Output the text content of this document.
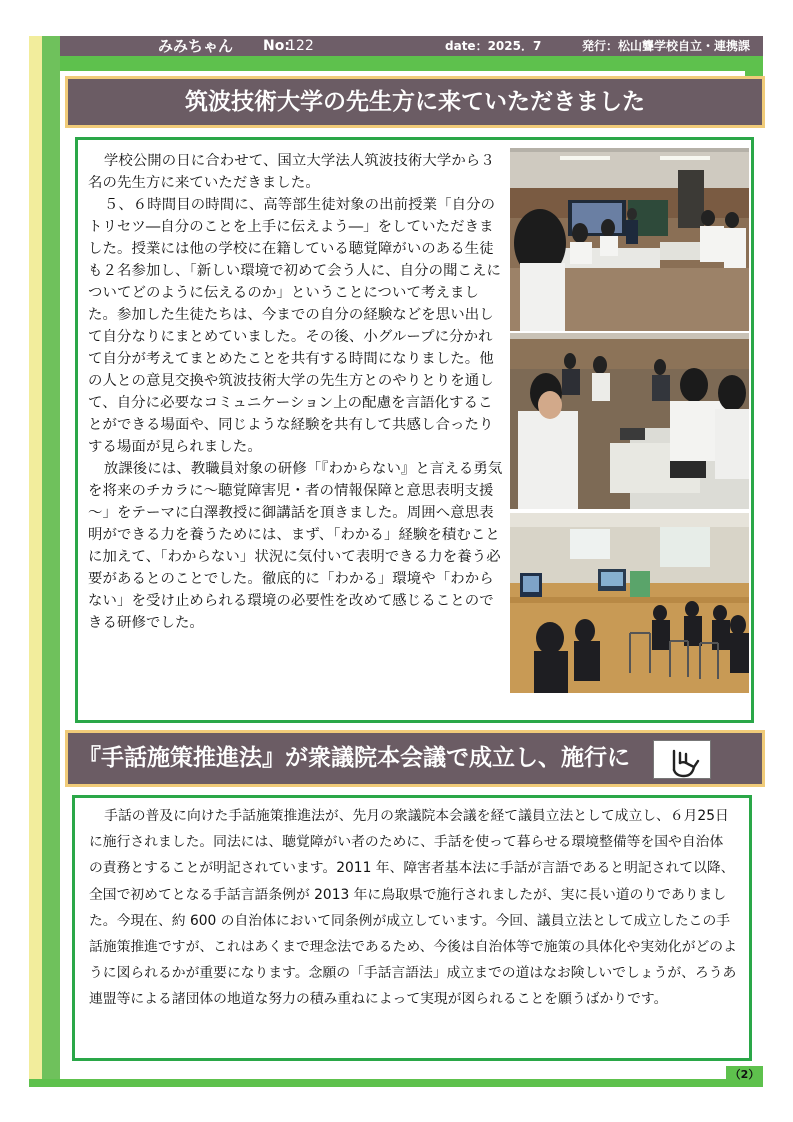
みみちゃん No:
122	date：2025．7	発行：松山聾学校自立・連携課
筑波技術大学の先生方に来ていただきました

学校公開の日に合わせて、国立大学法人筑波技術大学から３名の先生方に来ていただきました。

５、６時間目の時間に、高等部生徒対象の出前授業「自分のトリセツ―自分のことを上手に伝えよう―」をしていただきました。授業には他の学校に在籍している聴覚障がいのある生徒も２名参加し、「新しい環境で初めて会う人に、自分の聞こえについてどのように伝えるのか」ということについて考えました。参加した生徒たちは、今までの自分の経験などを思い出して自分なりにまとめていました。その後、小グループに分かれて自分が考えてまとめたことを共有する時間になりました。他の人との意見交換や筑波技術大学の先生方とのやりとりを通して、自分に必要なコミュニケーション上の配慮を言語化することができる場面や、同じような経験を共有して共感し合ったりする場面が見られました。

放課後には、教職員対象の研修「『わからない』と言える勇気を将来のチカラに～聴覚障害児・者の情報保障と意思表明支援～」をテーマに白澤教授に御講話を頂きました。周囲へ意思表明ができる力を養うためには、まず、「わかる」経験を積むことに加えて、「わからない」状況に気付いて表明できる力を養う必要があるとのことでした。徹底的に「わかる」環境や「わからない」を受け止められる環境の必要性を改めて感じることのできる研修でした。

『手話施策推進法』が衆議院本会議で成立し、施行に

手話の普及に向けた手話施策推進法が、先月の衆議院本会議を経て議員立法として成立し、６月25日に施行されました。同法には、聴覚障がい者のために、手話を使って暮らせる環境整備等を国や自治体の責務とすることが明記されています。2011 年、障害者基本法に手話が言語であると明記されて以降、全国で初めてとなる手話言語条例が 2013 年に鳥取県で施行されましたが、実に長い道のりでありました。今現在、約 600 の自治体において同条例が成立しています。今回、議員立法として成立したこの手話施策推進ですが、これはあくまで理念法であるため、今後は自治体等で施策の具体化や実効化がどのように図られるかが重要になります。念願の「手話言語法」成立までの道はなお険しいでしょうが、ろうあ連盟等による諸団体の地道な努力の積み重ねによって実現が図られることを願うばかりです。

（2）
